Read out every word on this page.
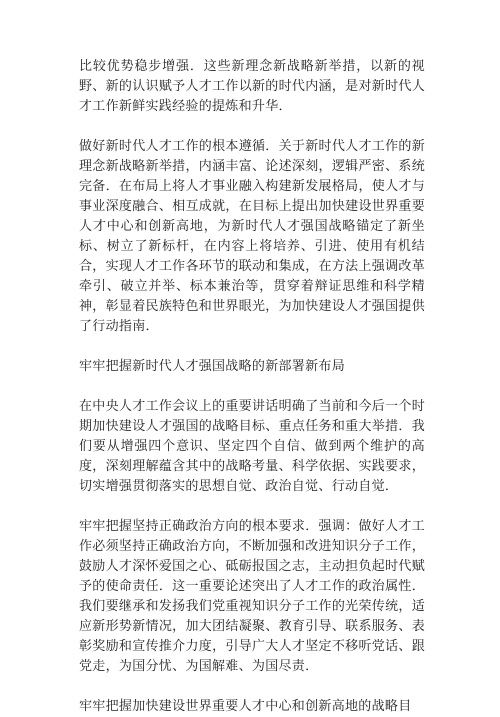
比较优势稳步增强．这些新理念新战略新举措，以新的视野、新的认识赋予人才工作以新的时代内涵，是对新时代人才工作新鲜实践经验的提炼和升华．

做好新时代人才工作的根本遵循．关于新时代人才工作的新理念新战略新举措，内涵丰富、论述深刻，逻辑严密、系统完备．在布局上将人才事业融入构建新发展格局，使人才与事业深度融合、相互成就，在目标上提出加快建设世界重要人才中心和创新高地，为新时代人才强国战略锚定了新坐标、树立了新标杆，在内容上将培养、引进、使用有机结合，实现人才工作各环节的联动和集成，在方法上强调改革牵引、破立并举、标本兼治等，贯穿着辩证思维和科学精神，彰显着民族特色和世界眼光，为加快建设人才强国提供了行动指南．

牢牢把握新时代人才强国战略的新部署新布局

在中央人才工作会议上的重要讲话明确了当前和今后一个时期加快建设人才强国的战略目标、重点任务和重大举措．我们要从增强四个意识、坚定四个自信、做到两个维护的高度，深刻理解蕴含其中的战略考量、科学依据、实践要求，切实增强贯彻落实的思想自觉、政治自觉、行动自觉．

牢牢把握坚持正确政治方向的根本要求．强调：做好人才工作必须坚持正确政治方向，不断加强和改进知识分子工作，鼓励人才深怀爱国之心、砥砺报国之志，主动担负起时代赋予的使命责任．这一重要论述突出了人才工作的政治属性．我们要继承和发扬我们党重视知识分子工作的光荣传统，适应新形势新情况，加大团结凝聚、教育引导、联系服务、表彰奖励和宣传推介力度，引导广大人才坚定不移听党话、跟党走，为国分忧、为国解难、为国尽责．

牢牢把握加快建设世界重要人才中心和创新高地的战略目
